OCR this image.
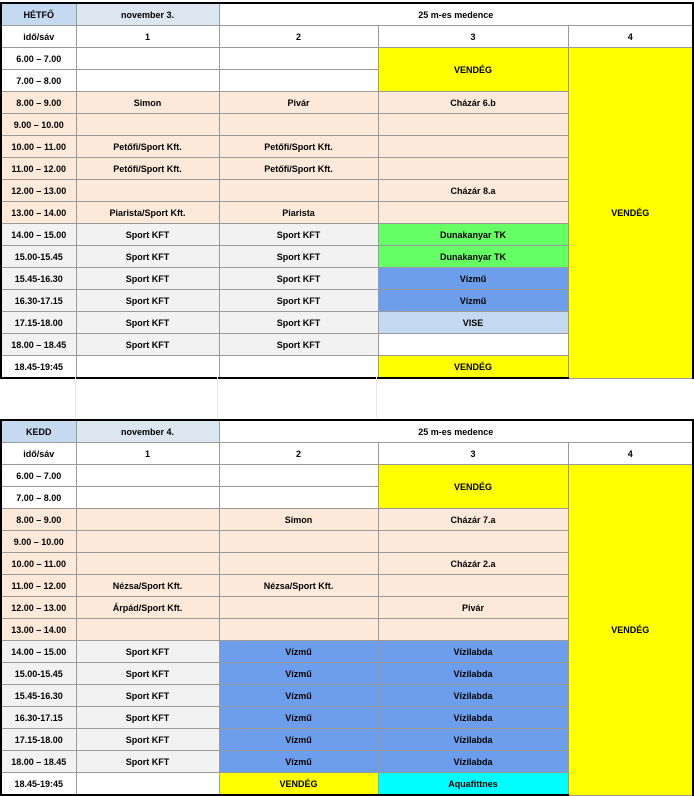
HÉTFŐ	november 3.	25 m-es medence		
idő/sáv	1	2	3	4
6.00 – 7.00			VENDÉG	VENDÉG
7.00 – 8.00				
8.00 – 9.00	Simon	Pivár	Cházár 6.b	
9.00 – 10.00				
10.00 – 11.00	Petőfi/Sport Kft.	Petőfi/Sport Kft.		
11.00 – 12.00	Petőfi/Sport Kft.	Petőfi/Sport Kft.		
12.00 – 13.00			Cházár 8.a	
13.00 – 14.00	Piarista/Sport Kft.	Piarista		
14.00 – 15.00	Sport KFT	Sport KFT	Dunakanyar TK	
15.00-15.45	Sport KFT	Sport KFT	Dunakanyar TK	
15.45-16.30	Sport KFT	Sport KFT	Vízmű	
16.30-17.15	Sport KFT	Sport KFT	Vízmű	
17.15-18.00	Sport KFT	Sport KFT	VISE	
18.00 – 18.45	Sport KFT	Sport KFT		
18.45-19:45			VENDÉG	
KEDD	november 4.	25 m-es medence		
idő/sáv	1	2	3	4
6.00 – 7.00			VENDÉG	VENDÉG
7.00 – 8.00				
8.00 – 9.00		Simon	Cházár 7.a	
9.00 – 10.00				
10.00 – 11.00			Cházár 2.a	
11.00 – 12.00	Nézsa/Sport Kft.	Nézsa/Sport Kft.		
12.00 – 13.00	Árpád/Sport Kft.		Pivár	
13.00 – 14.00				
14.00 – 15.00	Sport KFT	Vízmű	Vízilabda	
15.00-15.45	Sport KFT	Vízmű	Vízilabda	
15.45-16.30	Sport KFT	Vízmű	Vízilabda	
16.30-17.15	Sport KFT	Vízmű	Vízilabda	
17.15-18.00	Sport KFT	Vízmű	Vízilabda	
18.00 – 18.45	Sport KFT	Vízmű	Vízilabda	
18.45-19:45		VENDÉG	Aquafittnes	
